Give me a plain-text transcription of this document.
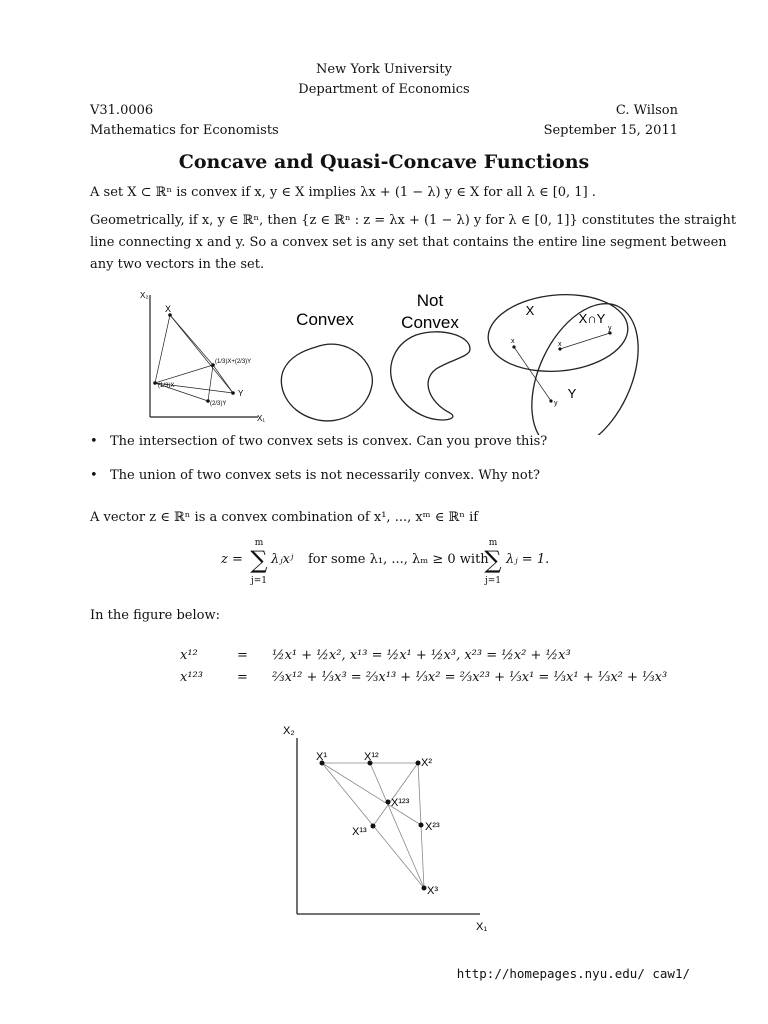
New York University
Department of Economics
V31.0006	C. Wilson
Mathematics for Economists	September 15, 2011
Concave and Quasi-Concave Functions
A set X ⊂ ℝⁿ is convex if x, y ∈ X implies λx + (1 − λ) y ∈ X for all λ ∈ [0, 1] .
Geometrically, if x, y ∈ ℝⁿ, then {z ∈ ℝⁿ : z = λx + (1 − λ) y for λ ∈ [0, 1]} constitutes the straight
line connecting x and y. So a convex set is any set that contains the entire line segment between
any two vectors in the set.
X₂
X₁
X
Y
(1/3)X
(2/3)Y
(1/3)X+(2/3)Y
Convex
Not
Convex
X
X∩Y
Y
x
y
x
y
• The intersection of two convex sets is convex. Can you prove this?
• The union of two convex sets is not necessarily convex. Why not?
A vector z ∈ ℝⁿ is a convex combination of x¹, ..., xᵐ ∈ ℝⁿ if
z =
m
∑
j=1
λⱼxʲ for some λ₁, ..., λₘ ≥ 0 with
m
∑
j=1
λⱼ = 1.
In the figure below:
x¹²	= ½x¹ + ½x², x¹³ = ½x¹ + ½x³, x²³ = ½x² + ½x³
x¹²³	= ⅔x¹² + ⅓x³ = ⅔x¹³ + ⅓x² = ⅔x²³ + ⅓x¹ = ⅓x¹ + ⅓x² + ⅓x³
X₂
X₁
X¹	X¹²	X²
X¹²³
X¹³	X²³
X³
http://homepages.nyu.edu/ caw1/
